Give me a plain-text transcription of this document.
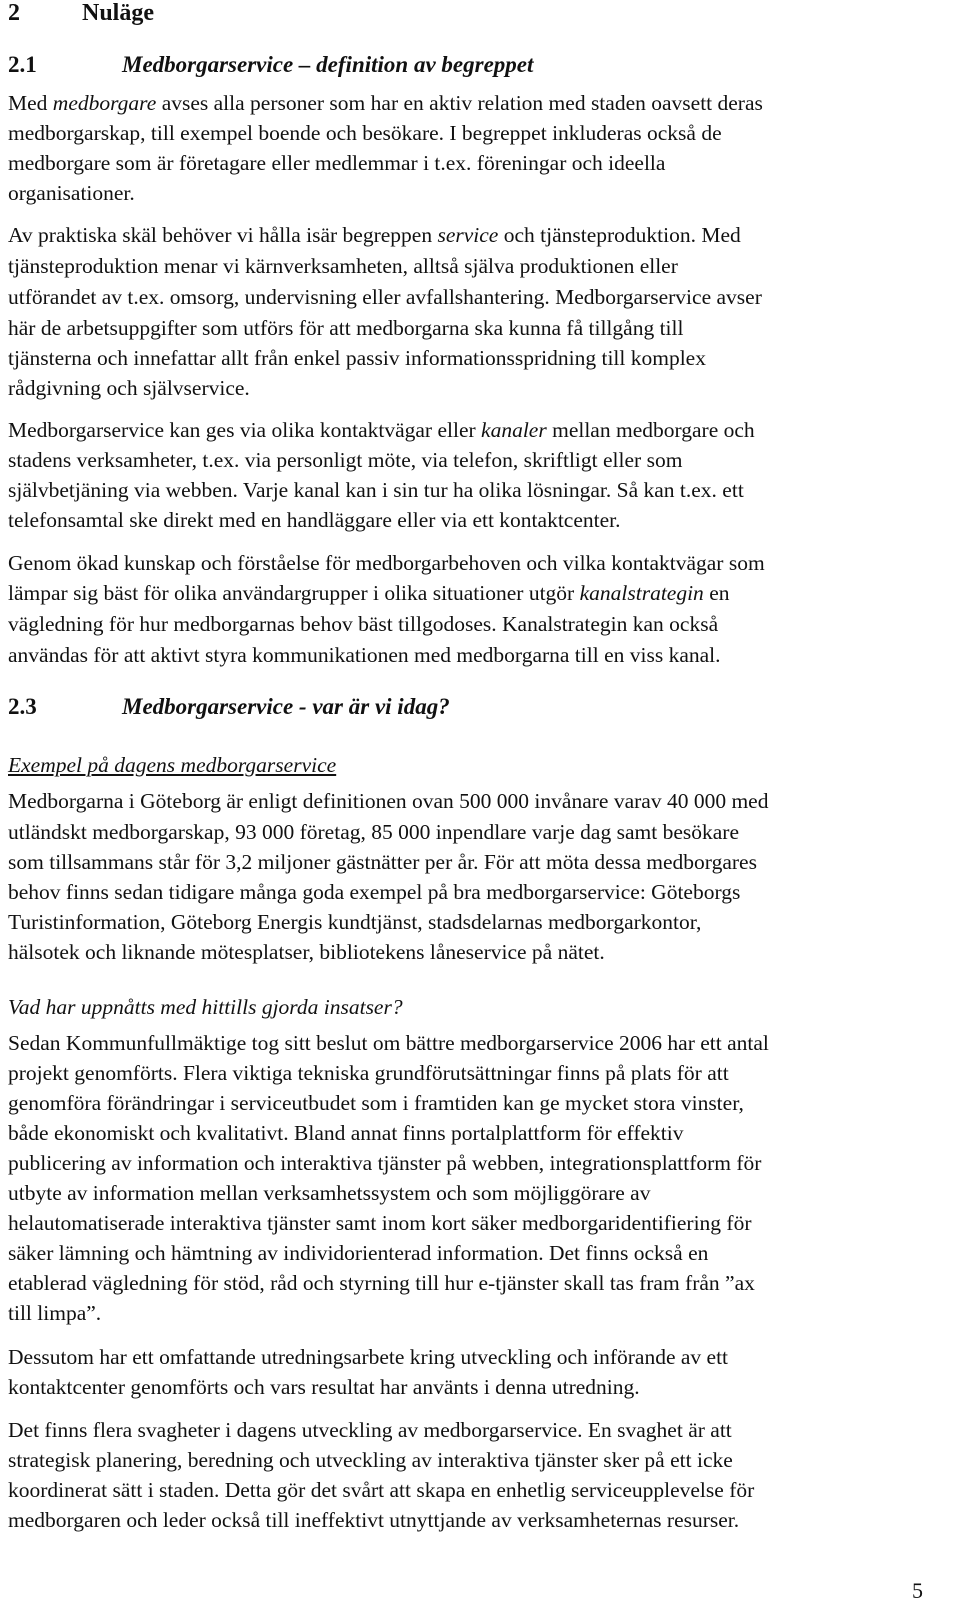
2	Nuläge
2.1	Medborgarservice – definition av begreppet
Med medborgare avses alla personer som har en aktiv relation med staden oavsett deras
medborgarskap, till exempel boende och besökare. I begreppet inkluderas också de
medborgare som är företagare eller medlemmar i t.ex. föreningar och ideella
organisationer.
Av praktiska skäl behöver vi hålla isär begreppen service och tjänsteproduktion. Med
tjänsteproduktion menar vi kärnverksamheten, alltså själva produktionen eller
utförandet av t.ex. omsorg, undervisning eller avfallshantering. Medborgarservice avser
här de arbetsuppgifter som utförs för att medborgarna ska kunna få tillgång till
tjänsterna och innefattar allt från enkel passiv informationsspridning till komplex
rådgivning och självservice.
Medborgarservice kan ges via olika kontaktvägar eller kanaler mellan medborgare och
stadens verksamheter, t.ex. via personligt möte, via telefon, skriftligt eller som
självbetjäning via webben. Varje kanal kan i sin tur ha olika lösningar. Så kan t.ex. ett
telefonsamtal ske direkt med en handläggare eller via ett kontaktcenter.
Genom ökad kunskap och förståelse för medborgarbehoven och vilka kontaktvägar som
lämpar sig bäst för olika användargrupper i olika situationer utgör kanalstrategin en
vägledning för hur medborgarnas behov bäst tillgodoses. Kanalstrategin kan också
användas för att aktivt styra kommunikationen med medborgarna till en viss kanal.
2.3	Medborgarservice - var är vi idag?
Exempel på dagens medborgarservice
Medborgarna i Göteborg är enligt definitionen ovan 500 000 invånare varav 40 000 med
utländskt medborgarskap, 93 000 företag, 85 000 inpendlare varje dag samt besökare
som tillsammans står för 3,2 miljoner gästnätter per år. För att möta dessa medborgares
behov finns sedan tidigare många goda exempel på bra medborgarservice: Göteborgs
Turistinformation, Göteborg Energis kundtjänst, stadsdelarnas medborgarkontor,
hälsotek och liknande mötesplatser, bibliotekens låneservice på nätet.
Vad har uppnåtts med hittills gjorda insatser?
Sedan Kommunfullmäktige tog sitt beslut om bättre medborgarservice 2006 har ett antal
projekt genomförts. Flera viktiga tekniska grundförutsättningar finns på plats för att
genomföra förändringar i serviceutbudet som i framtiden kan ge mycket stora vinster,
både ekonomiskt och kvalitativt. Bland annat finns portalplattform för effektiv
publicering av information och interaktiva tjänster på webben, integrationsplattform för
utbyte av information mellan verksamhetssystem och som möjliggörare av
helautomatiserade interaktiva tjänster samt inom kort säker medborgaridentifiering för
säker lämning och hämtning av individorienterad information. Det finns också en
etablerad vägledning för stöd, råd och styrning till hur e-tjänster skall tas fram från ”ax
till limpa”.
Dessutom har ett omfattande utredningsarbete kring utveckling och införande av ett
kontaktcenter genomförts och vars resultat har använts i denna utredning.
Det finns flera svagheter i dagens utveckling av medborgarservice. En svaghet är att
strategisk planering, beredning och utveckling av interaktiva tjänster sker på ett icke
koordinerat sätt i staden. Detta gör det svårt att skapa en enhetlig serviceupplevelse för
medborgaren och leder också till ineffektivt utnyttjande av verksamheternas resurser.
5
